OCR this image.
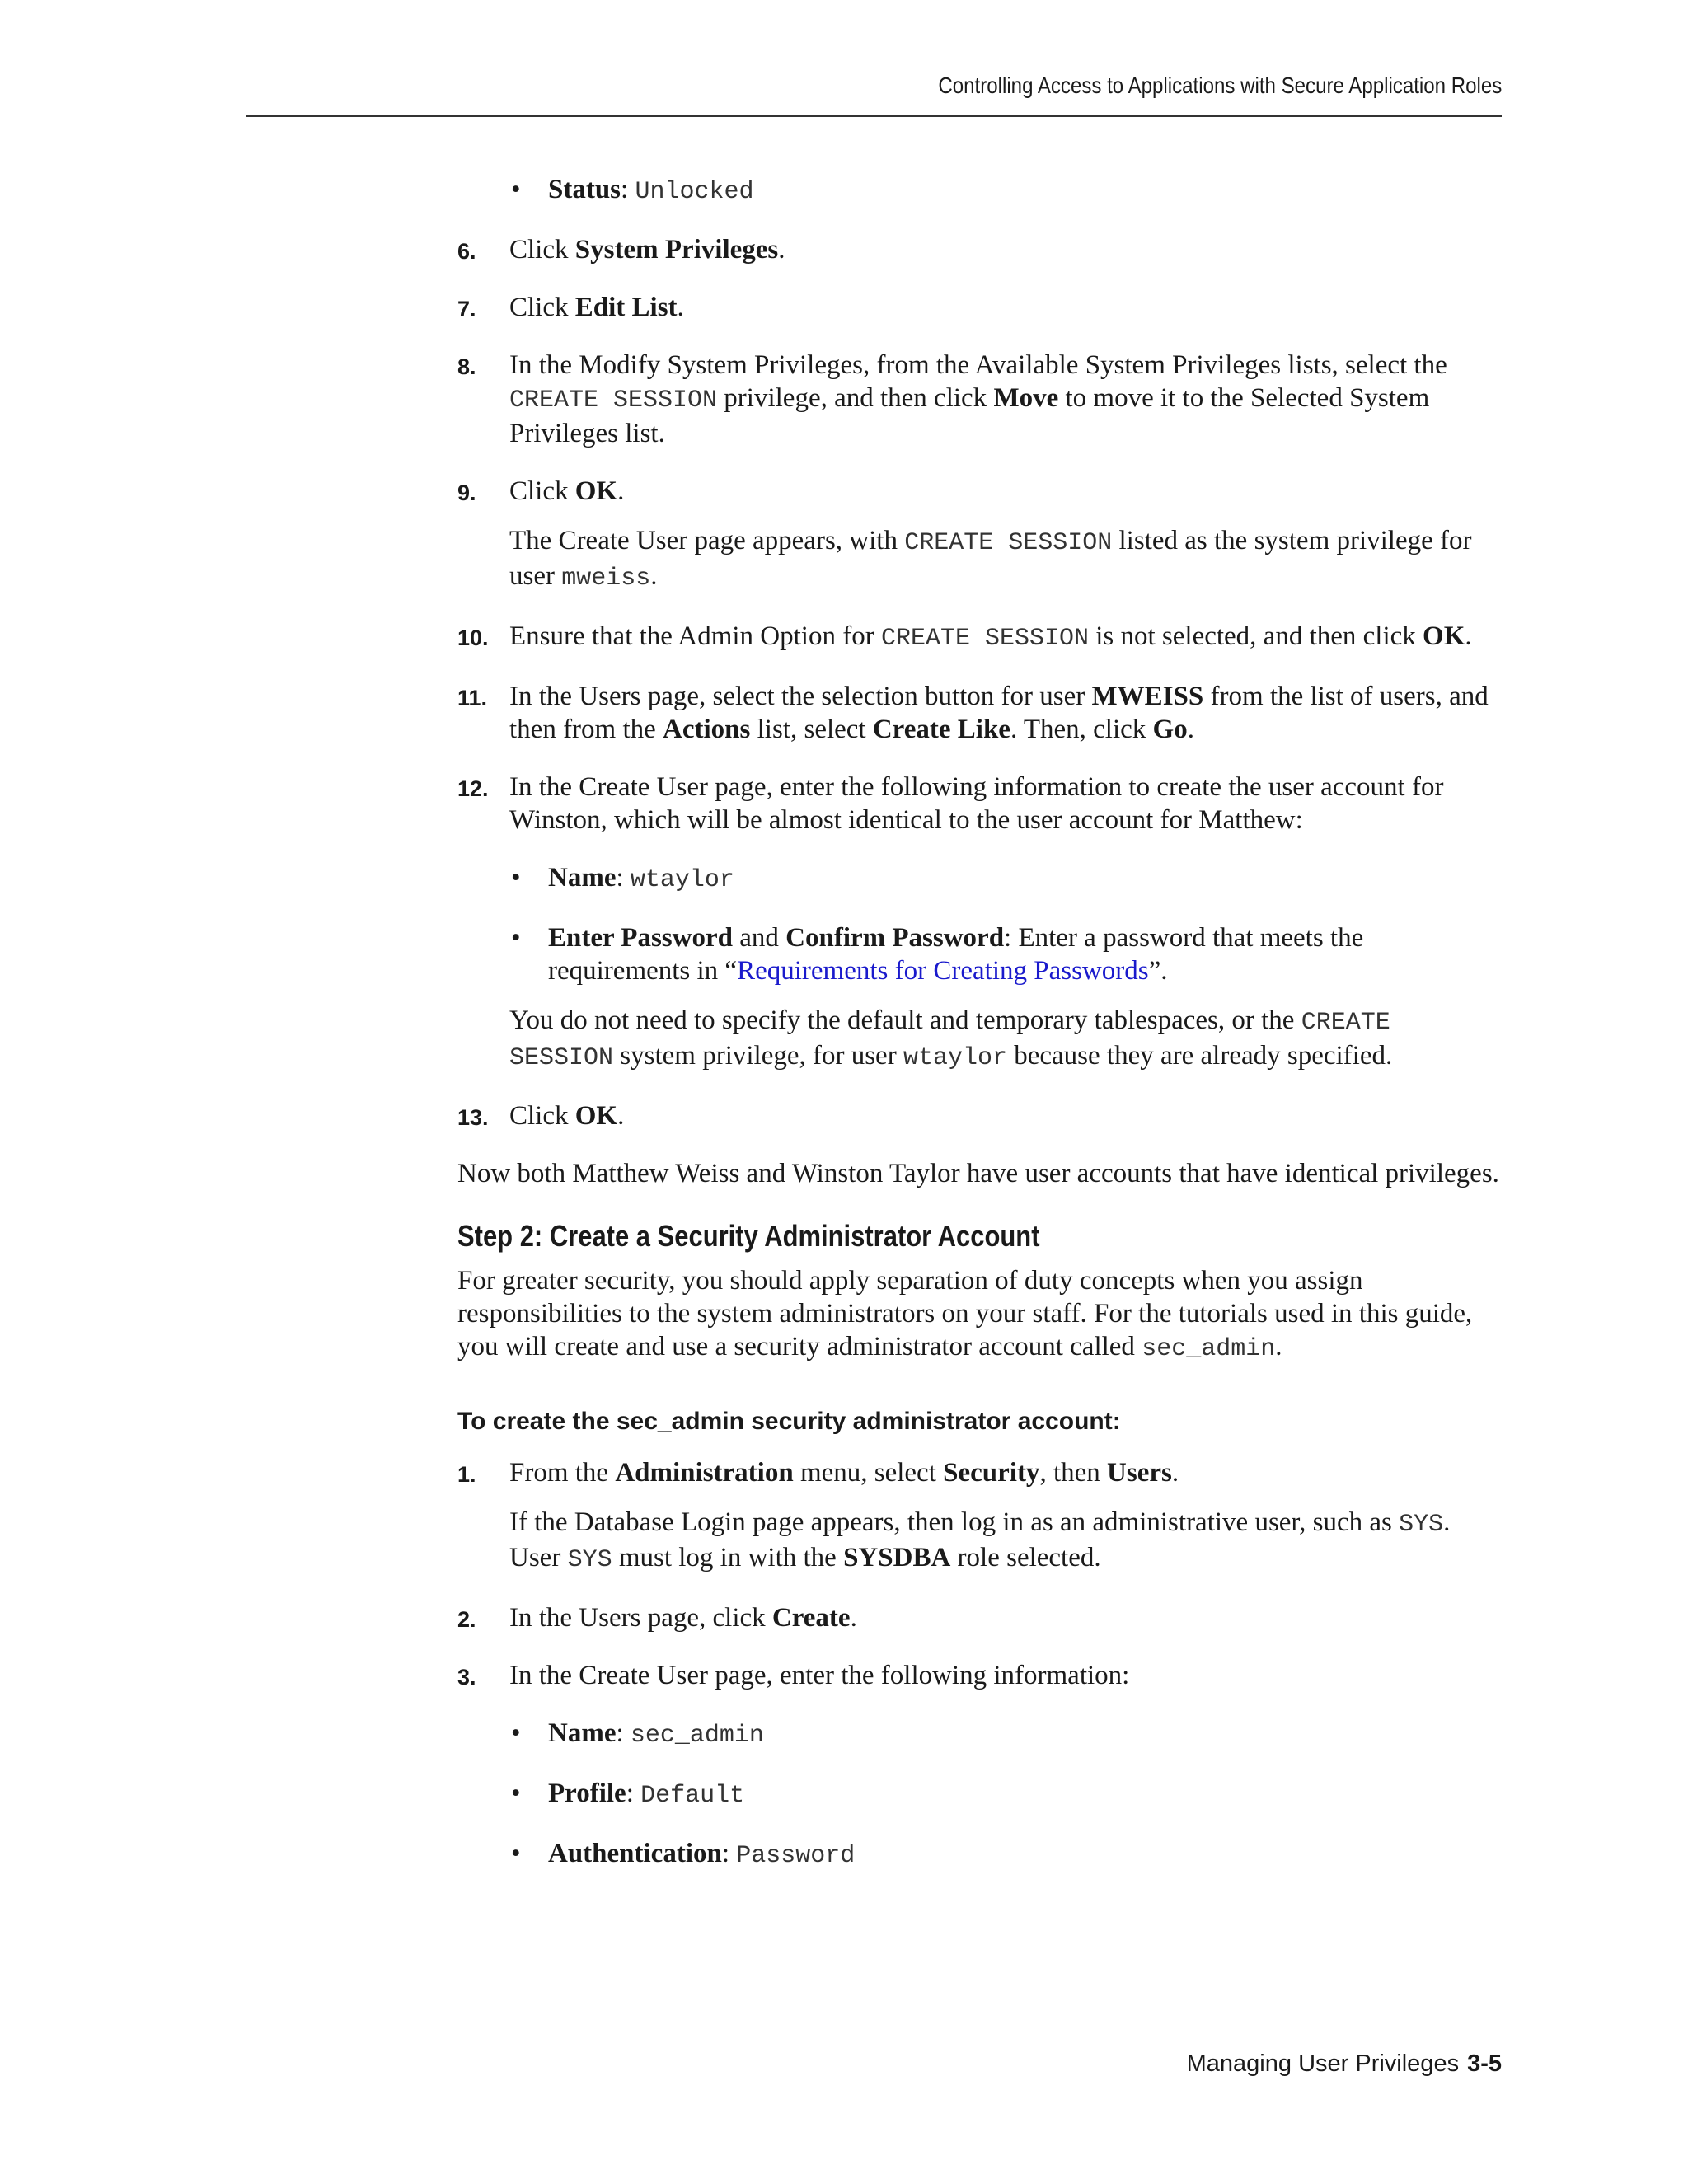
Controlling Access to Applications with Secure Application Roles
• Status: Unlocked
6. Click System Privileges.
7. Click Edit List.
8. In the Modify System Privileges, from the Available System Privileges lists, select the CREATE SESSION privilege, and then click Move to move it to the Selected System Privileges list.
9. Click OK.
The Create User page appears, with CREATE SESSION listed as the system privilege for user mweiss.
10. Ensure that the Admin Option for CREATE SESSION is not selected, and then click OK.
11. In the Users page, select the selection button for user MWEISS from the list of users, and then from the Actions list, select Create Like. Then, click Go.
12. In the Create User page, enter the following information to create the user account for Winston, which will be almost identical to the user account for Matthew:
• Name: wtaylor
• Enter Password and Confirm Password: Enter a password that meets the requirements in “Requirements for Creating Passwords”.
You do not need to specify the default and temporary tablespaces, or the CREATE SESSION system privilege, for user wtaylor because they are already specified.
13. Click OK.
Now both Matthew Weiss and Winston Taylor have user accounts that have identical privileges.
Step 2: Create a Security Administrator Account
For greater security, you should apply separation of duty concepts when you assign responsibilities to the system administrators on your staff. For the tutorials used in this guide, you will create and use a security administrator account called sec_admin.
To create the sec_admin security administrator account:
1. From the Administration menu, select Security, then Users.
If the Database Login page appears, then log in as an administrative user, such as SYS. User SYS must log in with the SYSDBA role selected.
2. In the Users page, click Create.
3. In the Create User page, enter the following information:
• Name: sec_admin
• Profile: Default
• Authentication: Password
Managing User Privileges 3-5
